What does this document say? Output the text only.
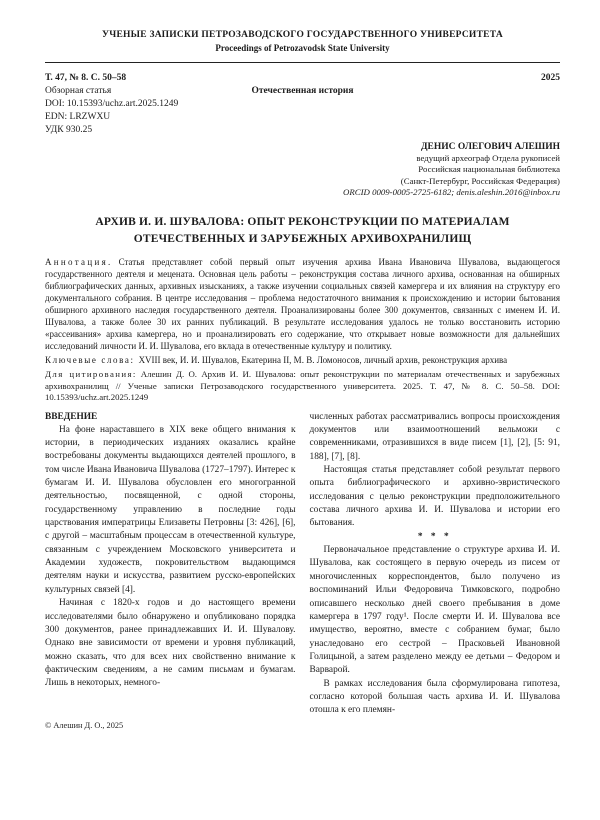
УЧЕНЫЕ ЗАПИСКИ ПЕТРОЗАВОДСКОГО ГОСУДАРСТВЕННОГО УНИВЕРСИТЕТА
Proceedings of Petrozavodsk State University
Т. 47, № 8. С. 50–58	2025
Обзорная статья	Отечественная история
DOI: 10.15393/uchz.art.2025.1249
EDN: LRZWXU
УДК 930.25
ДЕНИС ОЛЕГОВИЧ АЛЕШИН
ведущий археограф Отдела рукописей
Российская национальная библиотека
(Санкт-Петербург, Российская Федерация)
ORCID 0009-0005-2725-6182; denis.aleshin.2016@inbox.ru
АРХИВ И. И. ШУВАЛОВА: ОПЫТ РЕКОНСТРУКЦИИ ПО МАТЕРИАЛАМ ОТЕЧЕСТВЕННЫХ И ЗАРУБЕЖНЫХ АРХИВОХРАНИЛИЩ
Аннотация. Статья представляет собой первый опыт изучения архива Ивана Ивановича Шувалова, выдающегося государственного деятеля и мецената. Основная цель работы – реконструкция состава личного архива, основанная на обширных библиографических данных, архивных изысканиях, а также изучении социальных связей камергера и их влияния на структуру его документального собрания. В центре исследования – проблема недостаточного внимания к происхождению и истории бытования обширного архивного наследия государственного деятеля. Проанализированы более 300 документов, связанных с именем И. И. Шувалова, а также более 30 их ранних публикаций. В результате исследования удалось не только восстановить историю «рассеивания» архива камергера, но и проанализировать его содержание, что открывает новые возможности для дальнейших исследований личности И. И. Шувалова, его вклада в отечественные культуру и политику.
Ключевые слова: XVIII век, И. И. Шувалов, Екатерина II, М. В. Ломоносов, личный архив, реконструкция архива
Для цитирования: Алешин Д. О. Архив И. И. Шувалова: опыт реконструкции по материалам отечественных и зарубежных архивохранилищ // Ученые записки Петрозаводского государственного университета. 2025. Т. 47, № 8. С. 50–58. DOI: 10.15393/uchz.art.2025.1249
ВВЕДЕНИЕ

На фоне нараставшего в XIX веке общего внимания к истории, в периодических изданиях оказались крайне востребованы документы выдающихся деятелей прошлого, в том числе Ивана Ивановича Шувалова (1727–1797). Интерес к бумагам И. И. Шувалова обусловлен его многогранной деятельностью, посвященной, с одной стороны, государственному управлению в последние годы царствования императрицы Елизаветы Петровны [3: 426], [6], с другой – масштабным процессам в отечественной культуре, связанным с учреждением Московского университета и Академии художеств, покровительством выдающимся деятелям науки и искусства, развитием русско-европейских культурных связей [4].

Начиная с 1820-х годов и до настоящего времени исследователями было обнаружено и опубликовано порядка 300 документов, ранее принадлежавших И. И. Шувалову. Однако вне зависимости от времени и уровня публикаций, можно сказать, что для всех них свойственно внимание к фактическим сведениям, а не самим письмам и бумагам. Лишь в некоторых, немного-

численных работах рассматривались вопросы происхождения документов или взаимоотношений вельможи с современниками, отразившихся в виде писем [1], [2], [5: 91, 188], [7], [8].

Настоящая статья представляет собой результат первого опыта библиографического и архивно-эвристического исследования с целью реконструкции предположительного состава личного архива И. И. Шувалова и истории его бытования.

* * *

Первоначальное представление о структуре архива И. И. Шувалова, как состоящего в первую очередь из писем от многочисленных корреспондентов, было получено из воспоминаний Ильи Федоровича Тимковского, подробно описавшего несколько дней своего пребывания в доме камергера в 1797 году¹. После смерти И. И. Шувалова все имущество, вероятно, вместе с собранием бумаг, было унаследовано его сестрой – Прасковьей Ивановной Голицыной, а затем разделено между ее детьми – Федором и Варварой.

В рамках исследования была сформулирована гипотеза, согласно которой большая часть архива И. И. Шувалова отошла к его племян-

© Алешин Д. О., 2025
